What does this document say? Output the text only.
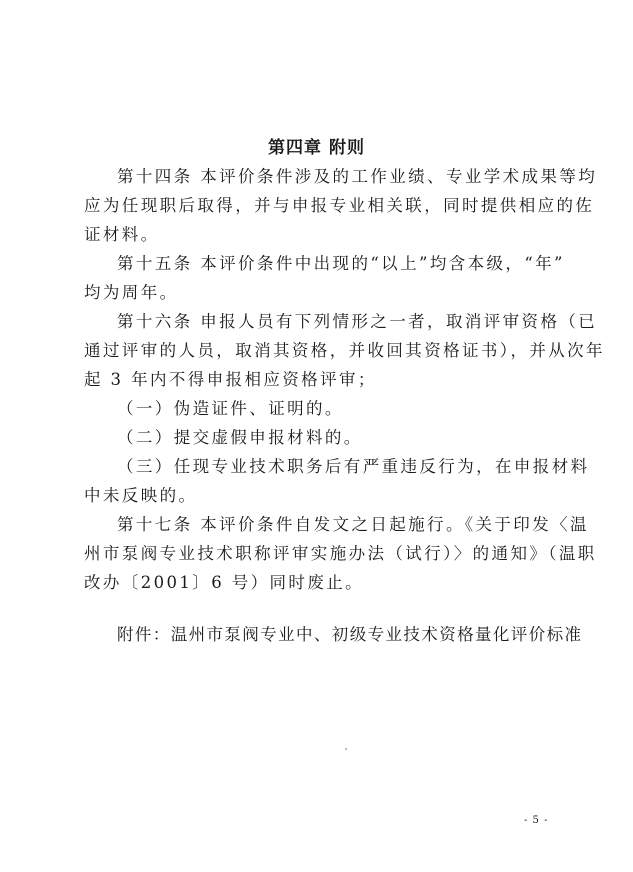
第四章 附则
第十四条 本评价条件涉及的工作业绩、专业学术成果等均
应为任现职后取得，并与申报专业相关联，同时提供相应的佐
证材料。
第十五条 本评价条件中出现的“以上”均含本级，“年”
均为周年。
第十六条 申报人员有下列情形之一者，取消评审资格（已
通过评审的人员，取消其资格，并收回其资格证书），并从次年
起 3 年内不得申报相应资格评审；
（一）伪造证件、证明的。
（二）提交虚假申报材料的。
（三）任现专业技术职务后有严重违反行为，在申报材料
中未反映的。
第十七条 本评价条件自发文之日起施行。《关于印发〈温
州市泵阀专业技术职称评审实施办法（试行）〉的通知》（温职
改办〔2001〕6 号）同时废止。
附件：温州市泵阀专业中、初级专业技术资格量化评价标准
- 5 -
